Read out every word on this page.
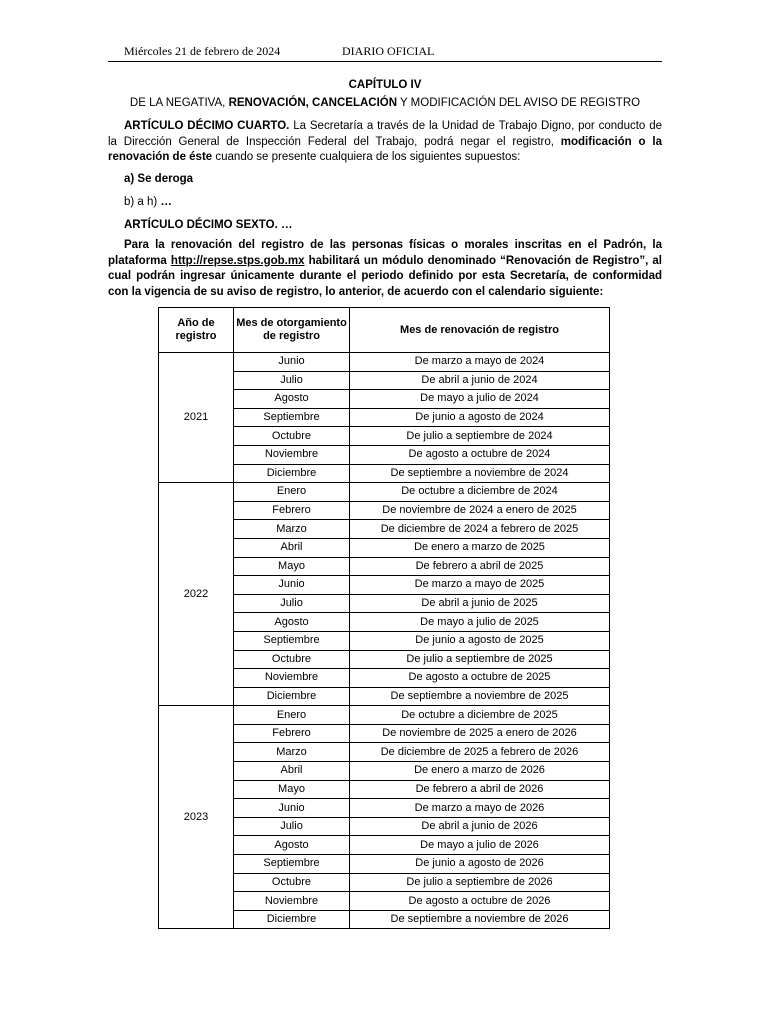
Miércoles 21 de febrero de 2024	DIARIO OFICIAL
CAPÍTULO IV
DE LA NEGATIVA, RENOVACIÓN, CANCELACIÓN Y MODIFICACIÓN DEL AVISO DE REGISTRO
ARTÍCULO DÉCIMO CUARTO. La Secretaría a través de la Unidad de Trabajo Digno, por conducto de la Dirección General de Inspección Federal del Trabajo, podrá negar el registro, modificación o la renovación de éste cuando se presente cualquiera de los siguientes supuestos:
a) Se deroga
b) a h) …
ARTÍCULO DÉCIMO SEXTO. …
Para la renovación del registro de las personas físicas o morales inscritas en el Padrón, la plataforma http://repse.stps.gob.mx habilitará un módulo denominado “Renovación de Registro”, al cual podrán ingresar únicamente durante el periodo definido por esta Secretaría, de conformidad con la vigencia de su aviso de registro, lo anterior, de acuerdo con el calendario siguiente:
Año de registro	Mes de otorgamiento de registro	Mes de renovación de registro
2021	Junio	De marzo a mayo de 2024
	Julio	De abril a junio de 2024
	Agosto	De mayo a julio de 2024
	Septiembre	De junio a agosto de 2024
	Octubre	De julio a septiembre de 2024
	Noviembre	De agosto a octubre de 2024
	Diciembre	De septiembre a noviembre de 2024
2022	Enero	De octubre a diciembre de 2024
	Febrero	De noviembre de 2024 a enero de 2025
	Marzo	De diciembre de 2024 a febrero de 2025
	Abril	De enero a marzo de 2025
	Mayo	De febrero a abril de 2025
	Junio	De marzo a mayo de 2025
	Julio	De abril a junio de 2025
	Agosto	De mayo a julio de 2025
	Septiembre	De junio a agosto de 2025
	Octubre	De julio a septiembre de 2025
	Noviembre	De agosto a octubre de 2025
	Diciembre	De septiembre a noviembre de 2025
2023	Enero	De octubre a diciembre de 2025
	Febrero	De noviembre de 2025 a enero de 2026
	Marzo	De diciembre de 2025 a febrero de 2026
	Abril	De enero a marzo de 2026
	Mayo	De febrero a abril de 2026
	Junio	De marzo a mayo de 2026
	Julio	De abril a junio de 2026
	Agosto	De mayo a julio de 2026
	Septiembre	De junio a agosto de 2026
	Octubre	De julio a septiembre de 2026
	Noviembre	De agosto a octubre de 2026
	Diciembre	De septiembre a noviembre de 2026
